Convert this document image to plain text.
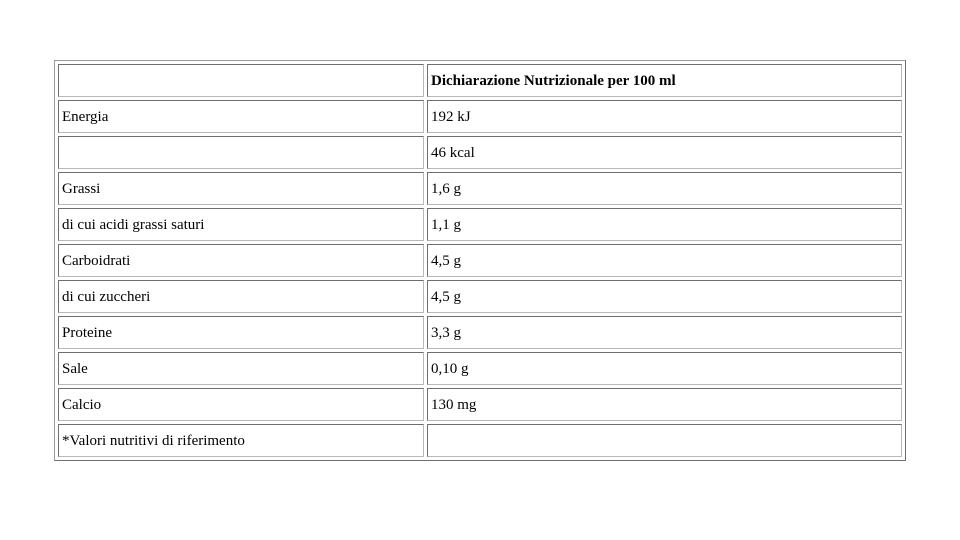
	Dichiarazione Nutrizionale per 100 ml
Energia	192 kJ
	46 kcal
Grassi	1,6 g
di cui acidi grassi saturi	1,1 g
Carboidrati	4,5 g
di cui zuccheri	4,5 g
Proteine	3,3 g
Sale	0,10 g
Calcio	130 mg
*Valori nutritivi di riferimento	
